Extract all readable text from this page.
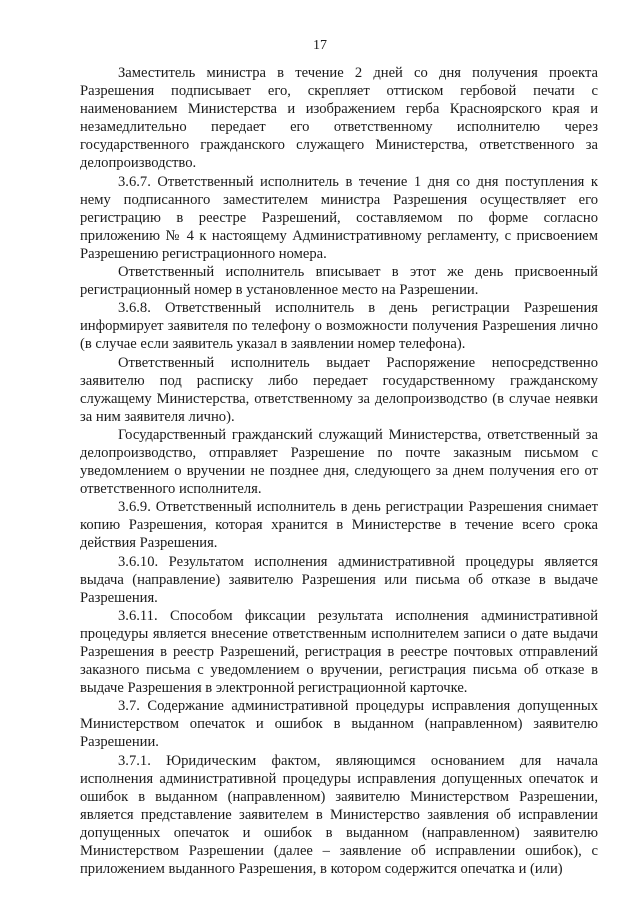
17

Заместитель министра в течение 2 дней со дня получения проекта Разрешения подписывает его, скрепляет оттиском гербовой печати с наименованием Министерства и изображением герба Красноярского края и незамедлительно передает его ответственному исполнителю через государственного гражданского служащего Министерства, ответственного за делопроизводство.

3.6.7. Ответственный исполнитель в течение 1 дня со дня поступления к нему подписанного заместителем министра Разрешения осуществляет его регистрацию в реестре Разрешений, составляемом по форме согласно приложению № 4 к настоящему Административному регламенту, с присвоением Разрешению регистрационного номера.

Ответственный исполнитель вписывает в этот же день присвоенный регистрационный номер в установленное место на Разрешении.

3.6.8. Ответственный исполнитель в день регистрации Разрешения информирует заявителя по телефону о возможности получения Разрешения лично (в случае если заявитель указал в заявлении номер телефона).

Ответственный исполнитель выдает Распоряжение непосредственно заявителю под расписку либо передает государственному гражданскому служащему Министерства, ответственному за делопроизводство (в случае неявки за ним заявителя лично).

Государственный гражданский служащий Министерства, ответственный за делопроизводство, отправляет Разрешение по почте заказным письмом с уведомлением о вручении не позднее дня, следующего за днем получения его от ответственного исполнителя.

3.6.9. Ответственный исполнитель в день регистрации Разрешения снимает копию Разрешения, которая хранится в Министерстве в течение всего срока действия Разрешения.

3.6.10. Результатом исполнения административной процедуры является выдача (направление) заявителю Разрешения или письма об отказе в выдаче Разрешения.

3.6.11. Способом фиксации результата исполнения административной процедуры является внесение ответственным исполнителем записи о дате выдачи Разрешения в реестр Разрешений, регистрация в реестре почтовых отправлений заказного письма с уведомлением о вручении, регистрация письма об отказе в выдаче Разрешения в электронной регистрационной карточке.

3.7. Содержание административной процедуры исправления допущенных Министерством опечаток и ошибок в выданном (направленном) заявителю Разрешении.

3.7.1. Юридическим фактом, являющимся основанием для начала исполнения административной процедуры исправления допущенных опечаток и ошибок в выданном (направленном) заявителю Министерством Разрешении, является представление заявителем в Министерство заявления об исправлении допущенных опечаток и ошибок в выданном (направленном) заявителю Министерством Разрешении (далее – заявление об исправлении ошибок), с приложением выданного Разрешения, в котором содержится опечатка и (или)
